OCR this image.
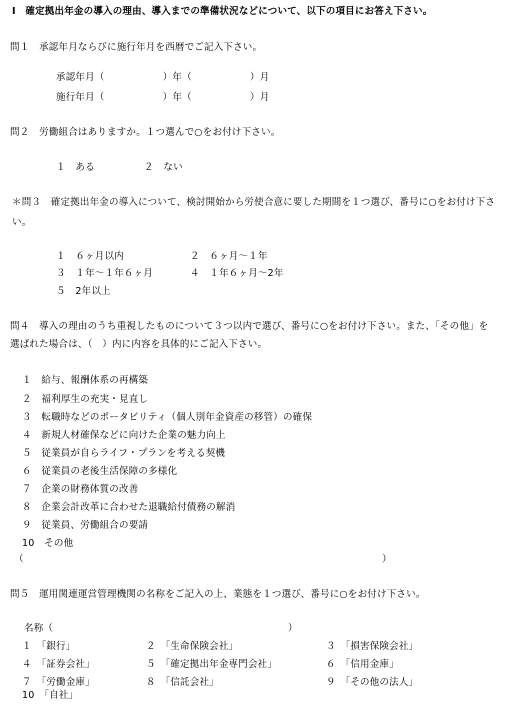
Ⅰ　確定拠出年金の導入の理由、導入までの準備状況などについて、以下の項目にお答え下さい。
問１　承認年月ならびに施行年月を西暦でご記入下さい。
承認年月（　　　　　　）年（　　　　　　）月
施行年月（　　　　　　）年（　　　　　　）月
問２　労働組合はありますか。１つ選んで○をお付け下さい。
１　ある	２　ない
＊問３　確定拠出年金の導入について、検討開始から労使合意に要した期間を１つ選び、番号に○をお付け下さ
い。
１　６ヶ月以内	２　６ヶ月～１年
３　１年～１年６ヶ月	４　１年６ヶ月～2年
５　2年以上
問４　導入の理由のうち重視したものについて３つ以内で選び、番号に○をお付け下さい。また、「その他」を
選ばれた場合は、（　）内に内容を具体的にご記入下さい。
１　給与、報酬体系の再構築
２　福利厚生の充実・見直し
３　転職時などのポータビリティ（個人別年金資産の移管）の確保
４　新規人材確保などに向けた企業の魅力向上
５　従業員が自らライフ・プランを考える契機
６　従業員の老後生活保障の多様化
７　企業の財務体質の改善
８　企業会計改革に合わせた退職給付債務の解消
９　従業員、労働組合の要請
10　その他
（	）
問５　運用関連運営管理機関の名称をご記入の上、業態を１つ選び、番号に○をお付け下さい。
名称（	）
１　「銀行」	２　「生命保険会社」	３　「損害保険会社」
４　「証券会社」	５　「確定拠出年金専門会社」	６　「信用金庫」
７　「労働金庫」	８　「信託会社」	９　「その他の法人」
10　「自社」
